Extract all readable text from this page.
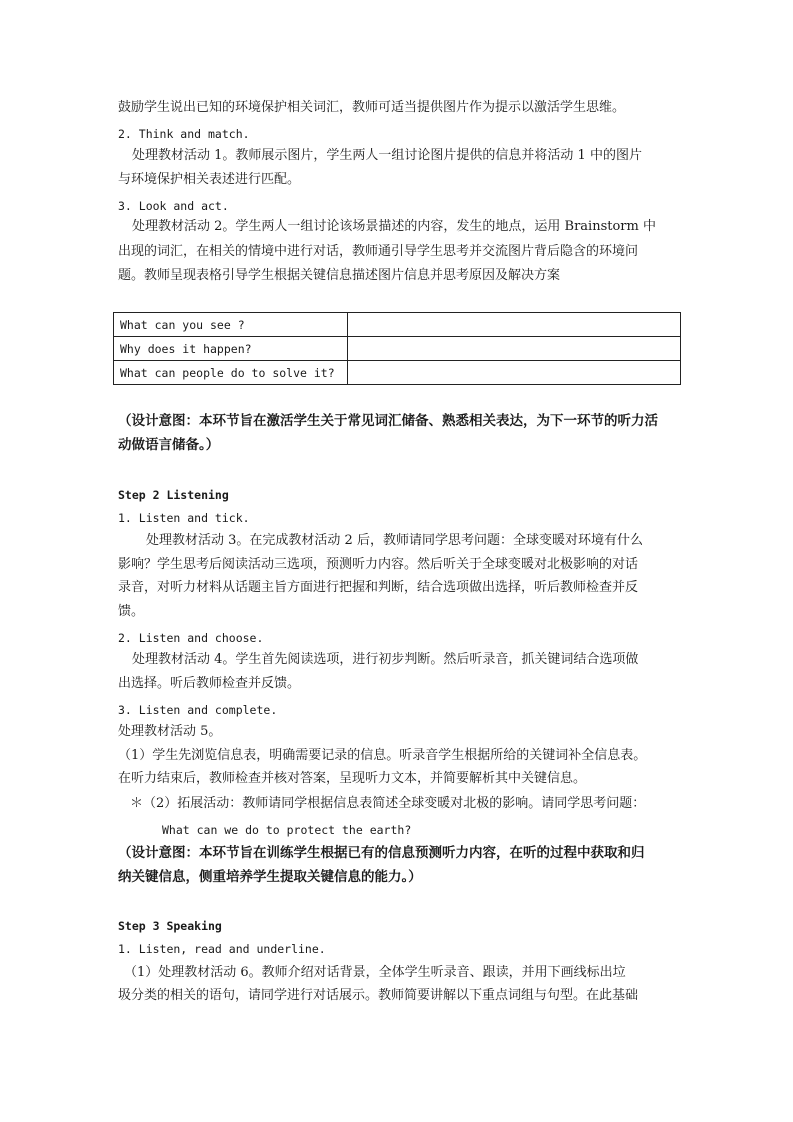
鼓励学生说出已知的环境保护相关词汇，教师可适当提供图片作为提示以激活学生思维。
2. Think and match.
处理教材活动 1。教师展示图片，学生两人一组讨论图片提供的信息并将活动 1 中的图片
与环境保护相关表述进行匹配。
3. Look and act.
处理教材活动 2。学生两人一组讨论该场景描述的内容，发生的地点，运用 Brainstorm 中
出现的词汇，在相关的情境中进行对话，教师通引导学生思考并交流图片背后隐含的环境问
题。教师呈现表格引导学生根据关键信息描述图片信息并思考原因及解决方案
What can you see ?	
Why does it happen?	
What can people do to solve it?	
（设计意图：本环节旨在激活学生关于常见词汇储备、熟悉相关表达，为下一环节的听力活
动做语言储备。）
Step 2 Listening
1. Listen and tick.
处理教材活动 3。在完成教材活动 2 后，教师请同学思考问题：全球变暖对环境有什么
影响？学生思考后阅读活动三选项，预测听力内容。然后听关于全球变暖对北极影响的对话
录音，对听力材料从话题主旨方面进行把握和判断，结合选项做出选择，听后教师检查并反
馈。
2. Listen and choose.
处理教材活动 4。学生首先阅读选项，进行初步判断。然后听录音，抓关键词结合选项做
出选择。听后教师检查并反馈。
3. Listen and complete.
处理教材活动 5。
（1）学生先浏览信息表，明确需要记录的信息。听录音学生根据所给的关键词补全信息表。
在听力结束后，教师检查并核对答案，呈现听力文本，并简要解析其中关键信息。
＊（2）拓展活动：教师请同学根据信息表简述全球变暖对北极的影响。请同学思考问题：
What can we do to protect the earth?
（设计意图：本环节旨在训练学生根据已有的信息预测听力内容，在听的过程中获取和归
纳关键信息，侧重培养学生提取关键信息的能力。）
Step 3 Speaking
1. Listen, read and underline.
（1）处理教材活动 6。教师介绍对话背景，全体学生听录音、跟读，并用下画线标出垃
圾分类的相关的语句，请同学进行对话展示。教师简要讲解以下重点词组与句型。在此基础
